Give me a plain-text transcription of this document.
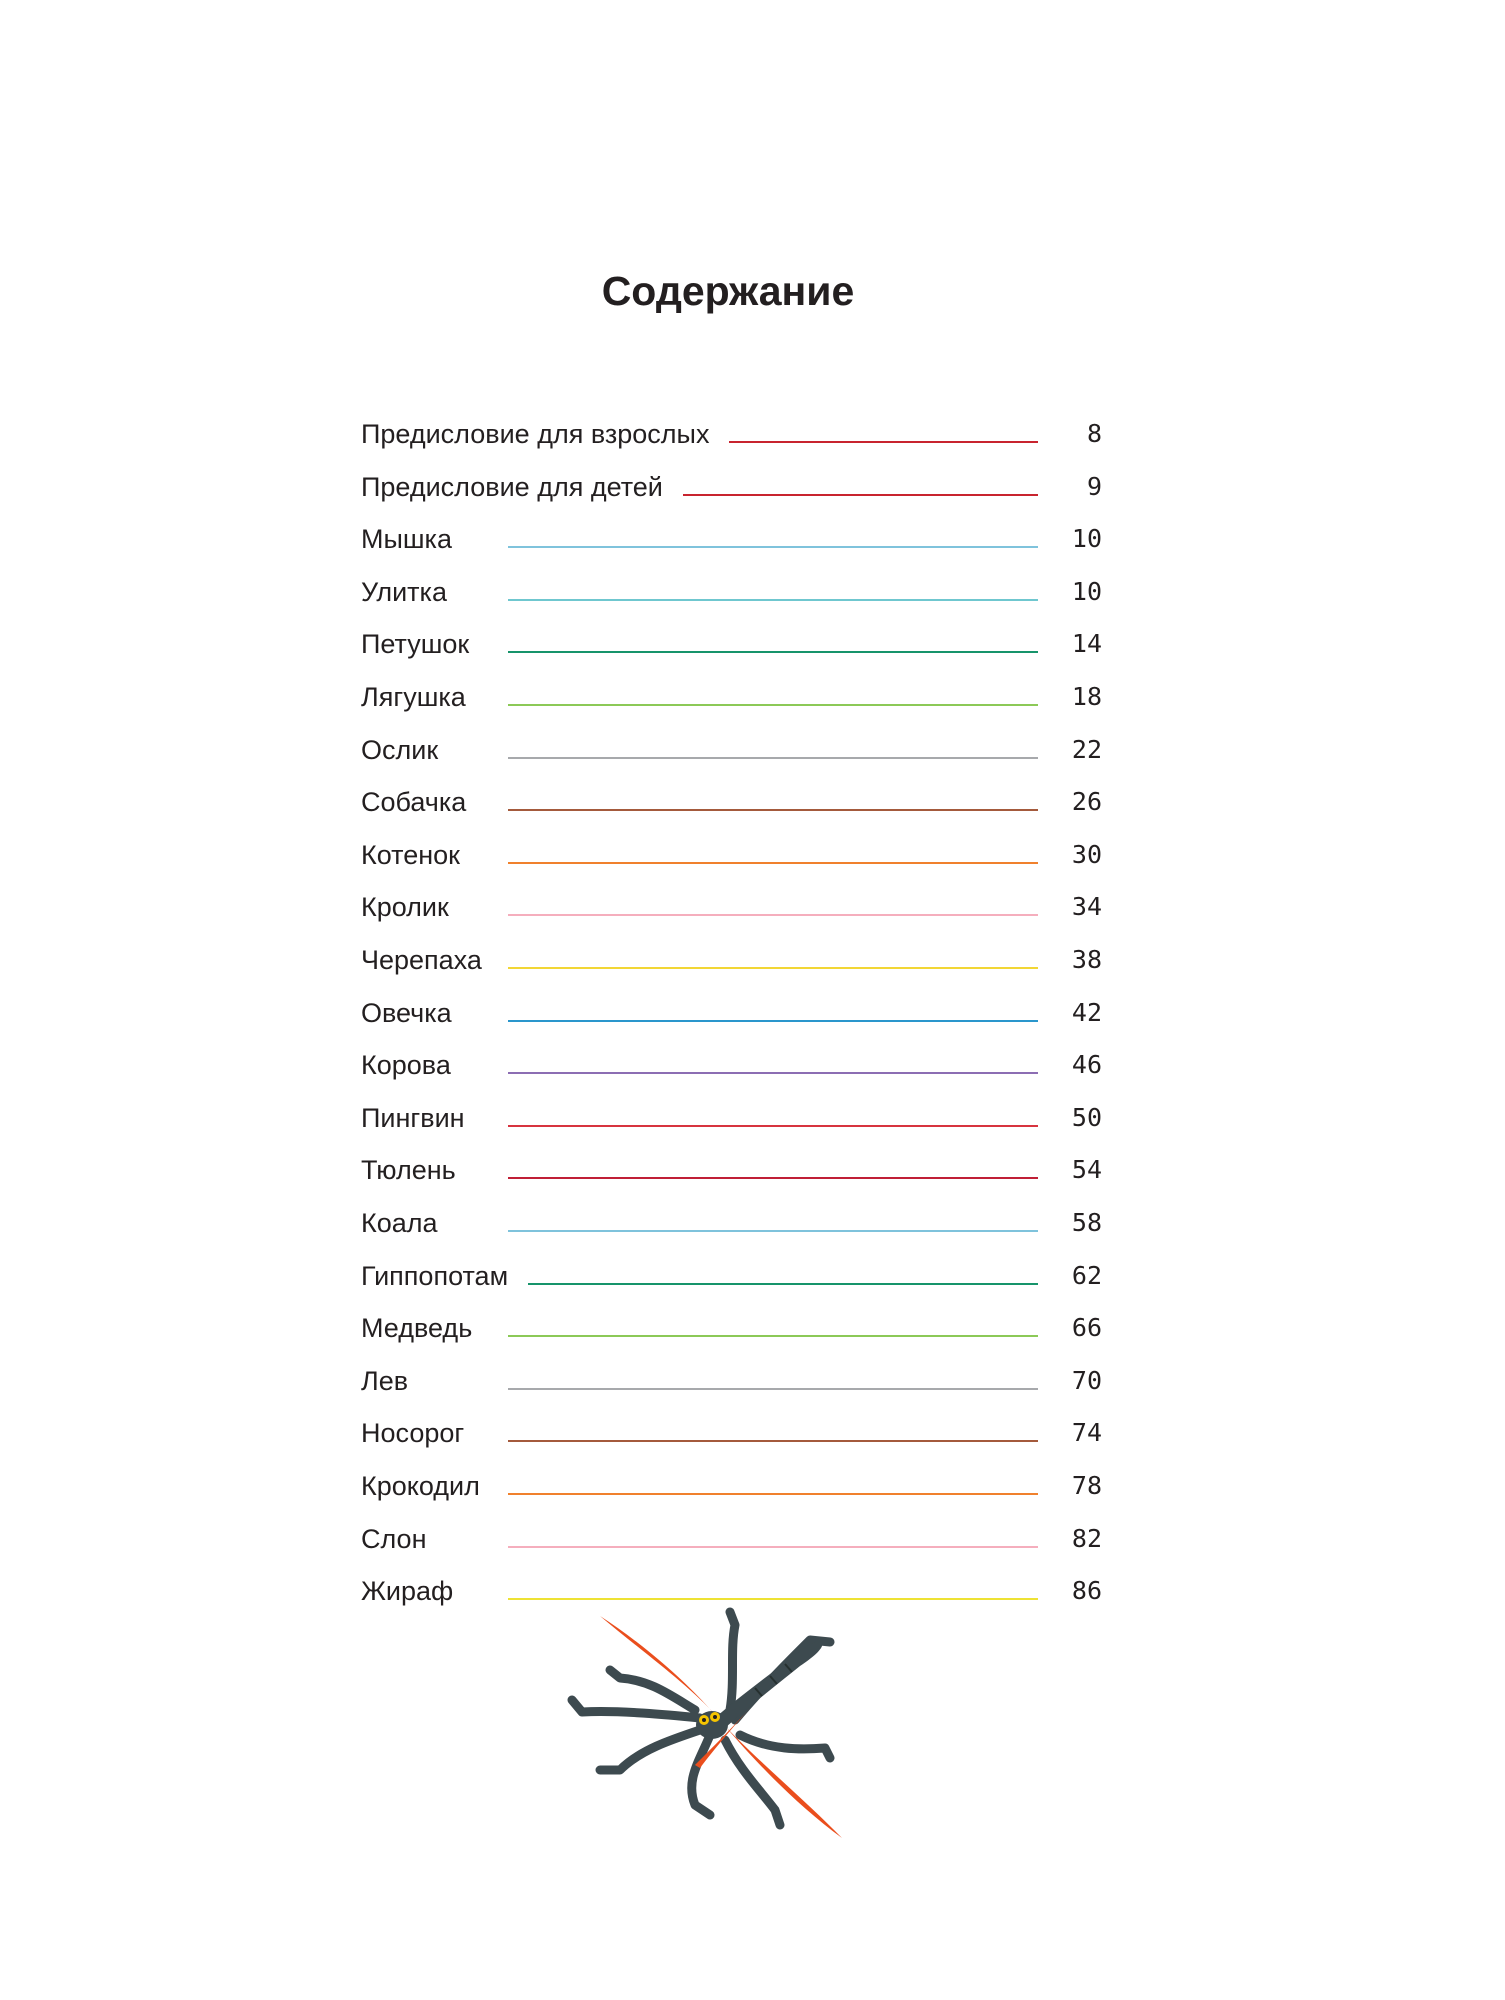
Содержание
Предисловие для взрослых	8
Предисловие для детей	9
Мышка	10
Улитка	10
Петушок	14
Лягушка	18
Ослик	22
Собачка	26
Котенок	30
Кролик	34
Черепаха	38
Овечка	42
Корова	46
Пингвин	50
Тюлень	54
Коала	58
Гиппопотам	62
Медведь	66
Лев	70
Носорог	74
Крокодил	78
Слон	82
Жираф	86
